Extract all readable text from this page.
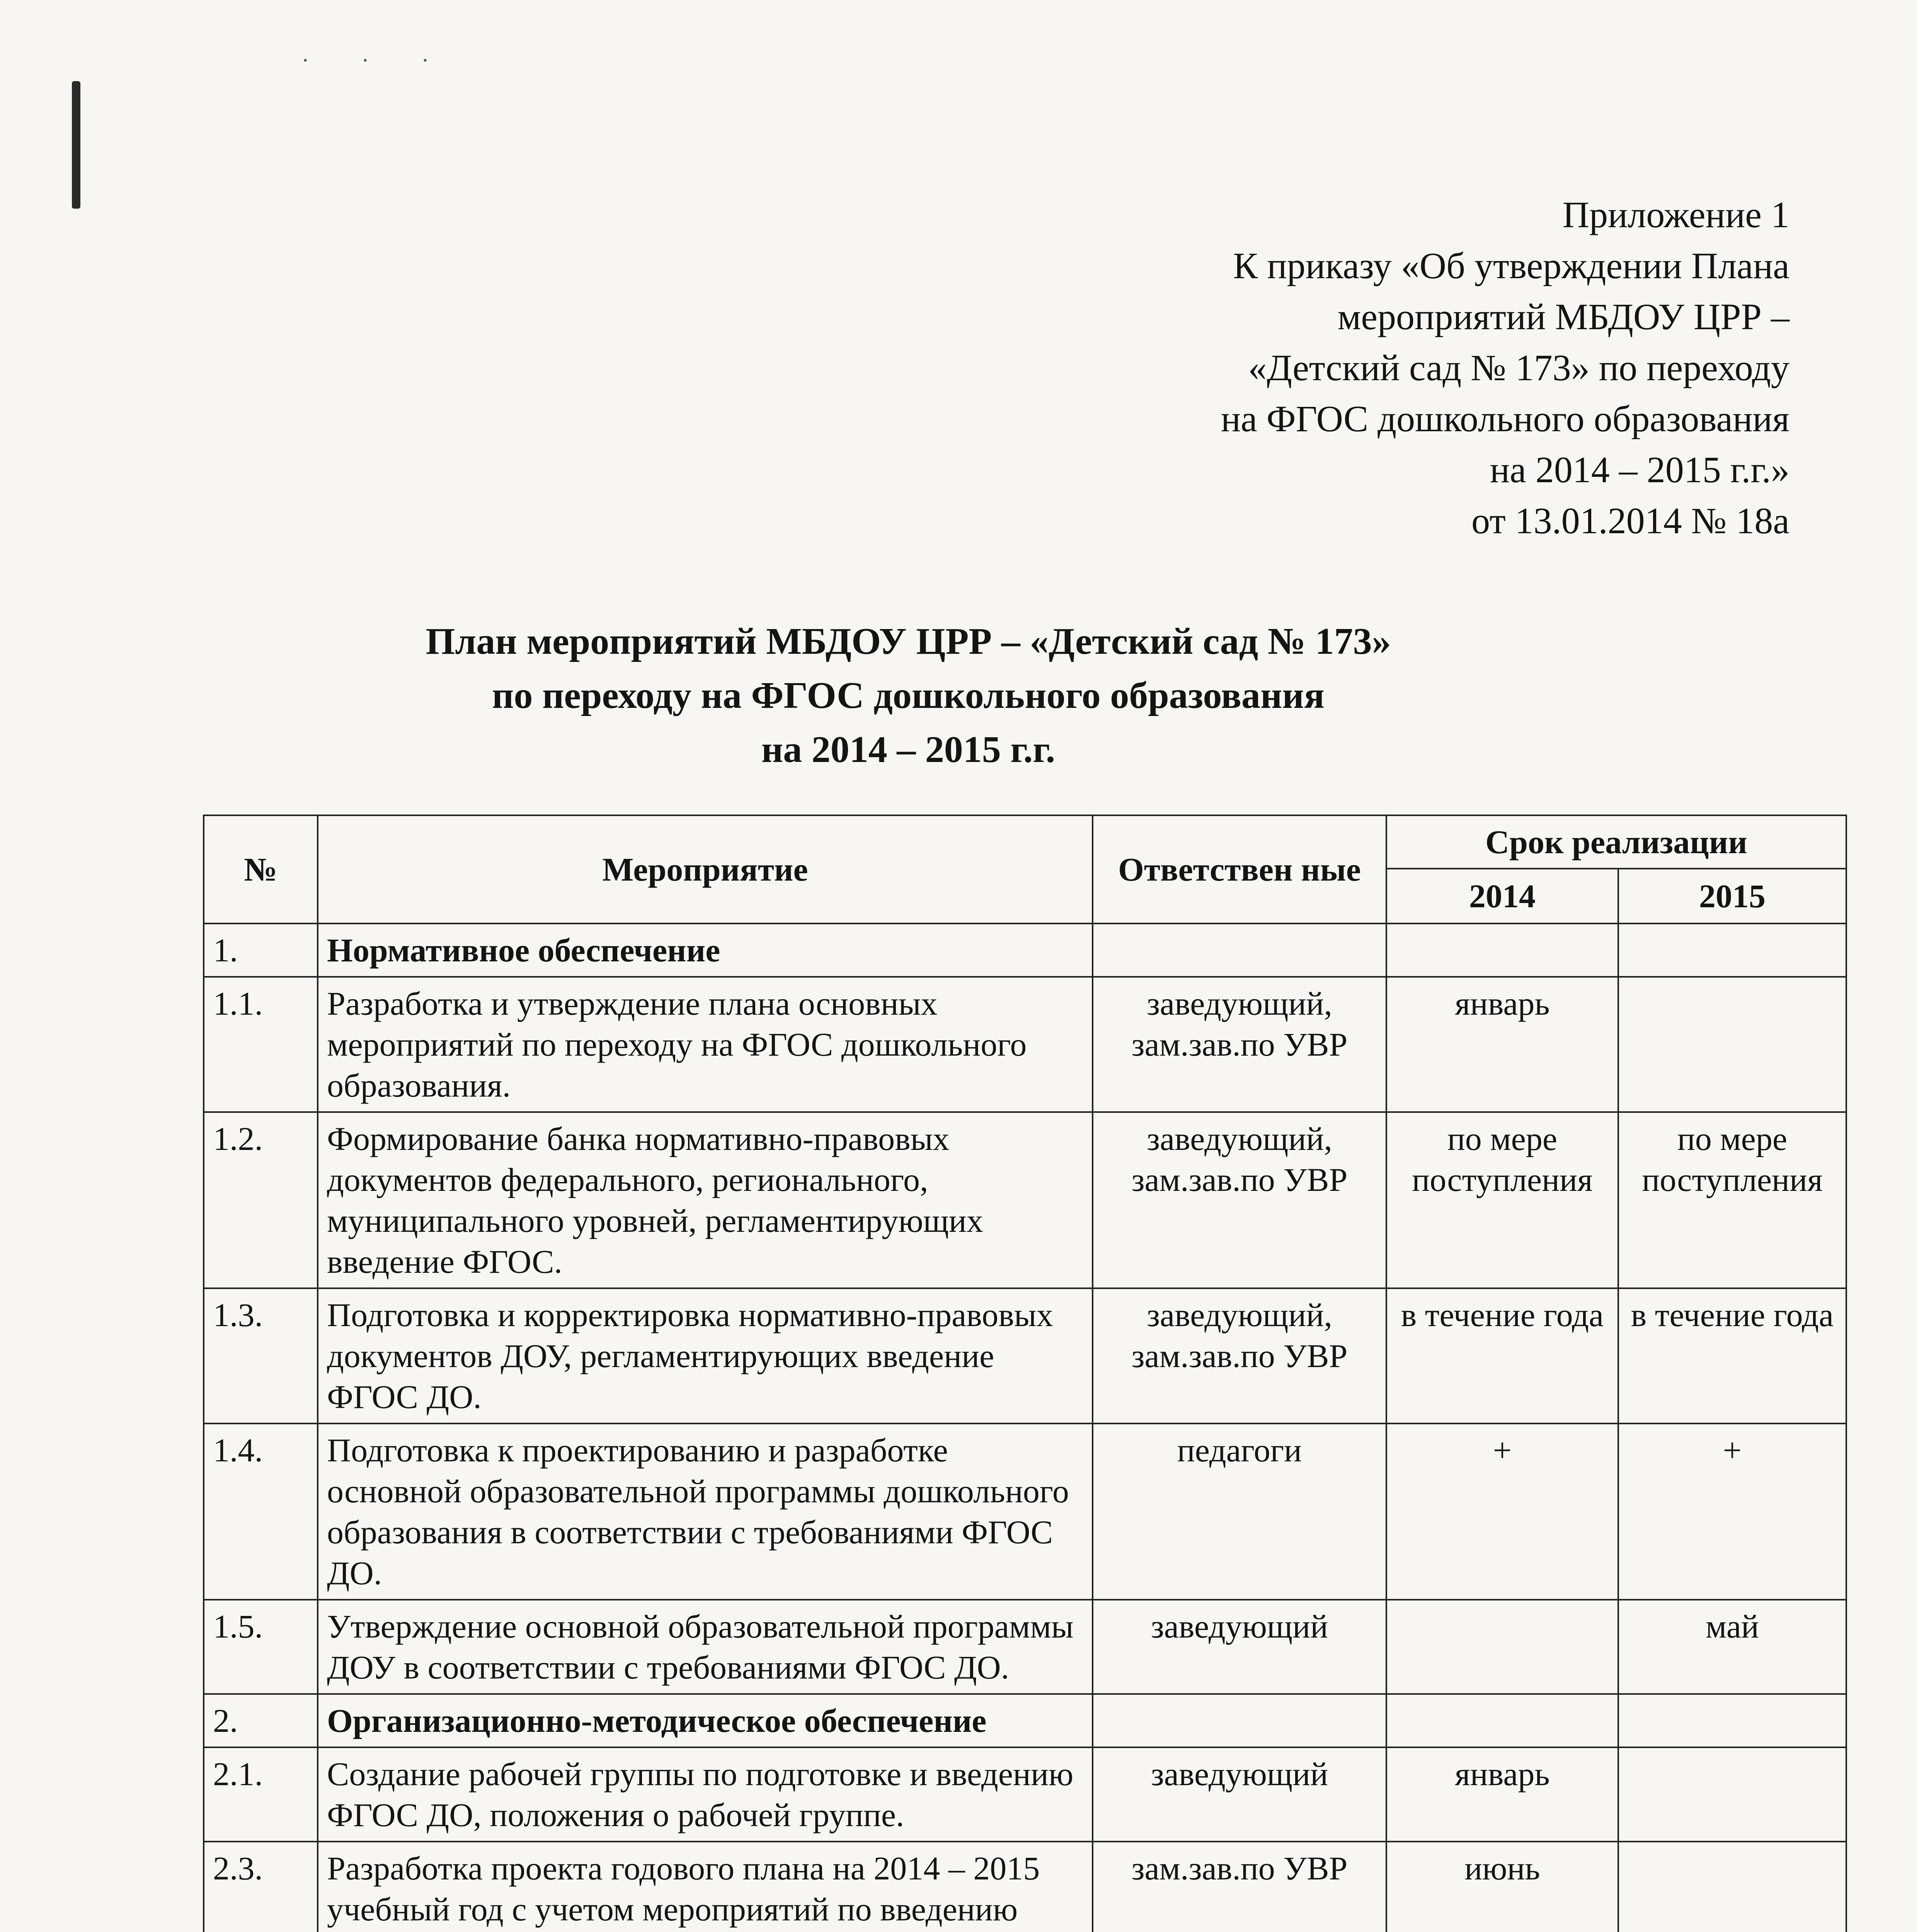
· · ·
Приложение 1
К приказу «Об утверждении Плана
мероприятий МБДОУ ЦРР –
«Детский сад № 173» по переходу
на ФГОС дошкольного образования
на 2014 – 2015 г.г.»
от 13.01.2014 № 18а
План мероприятий МБДОУ ЦРР – «Детский сад № 173»
по переходу на ФГОС дошкольного образования
на 2014 – 2015 г.г.
№	Мероприятие	Ответствен ные	Срок реализации	
			2014	2015
1.	Нормативное обеспечение			
1.1.	Разработка и утверждение плана основных мероприятий по переходу на ФГОС дошкольного образования.	заведующий, зам.зав.по УВР	январь	
1.2.	Формирование банка нормативно-правовых документов федерального, регионального, муниципального уровней, регламентирующих введение ФГОС.	заведующий, зам.зав.по УВР	по мере поступления	по мере поступления
1.3.	Подготовка и корректировка нормативно-правовых документов ДОУ, регламентирующих введение ФГОС ДО.	заведующий, зам.зав.по УВР	в течение года	в течение года
1.4.	Подготовка к проектированию и разработке основной образовательной программы дошкольного образования в соответствии с требованиями ФГОС ДО.	педагоги	+	+
1.5.	Утверждение основной образовательной программы ДОУ в соответствии с требованиями ФГОС ДО.	заведующий		май
2.	Организационно-методическое обеспечение			
2.1.	Создание рабочей группы по подготовке и введению ФГОС ДО, положения о рабочей группе.	заведующий	январь	
2.3.	Разработка проекта годового плана на 2014 – 2015 учебный год с учетом мероприятий по введению	зам.зав.по УВР	июнь	
